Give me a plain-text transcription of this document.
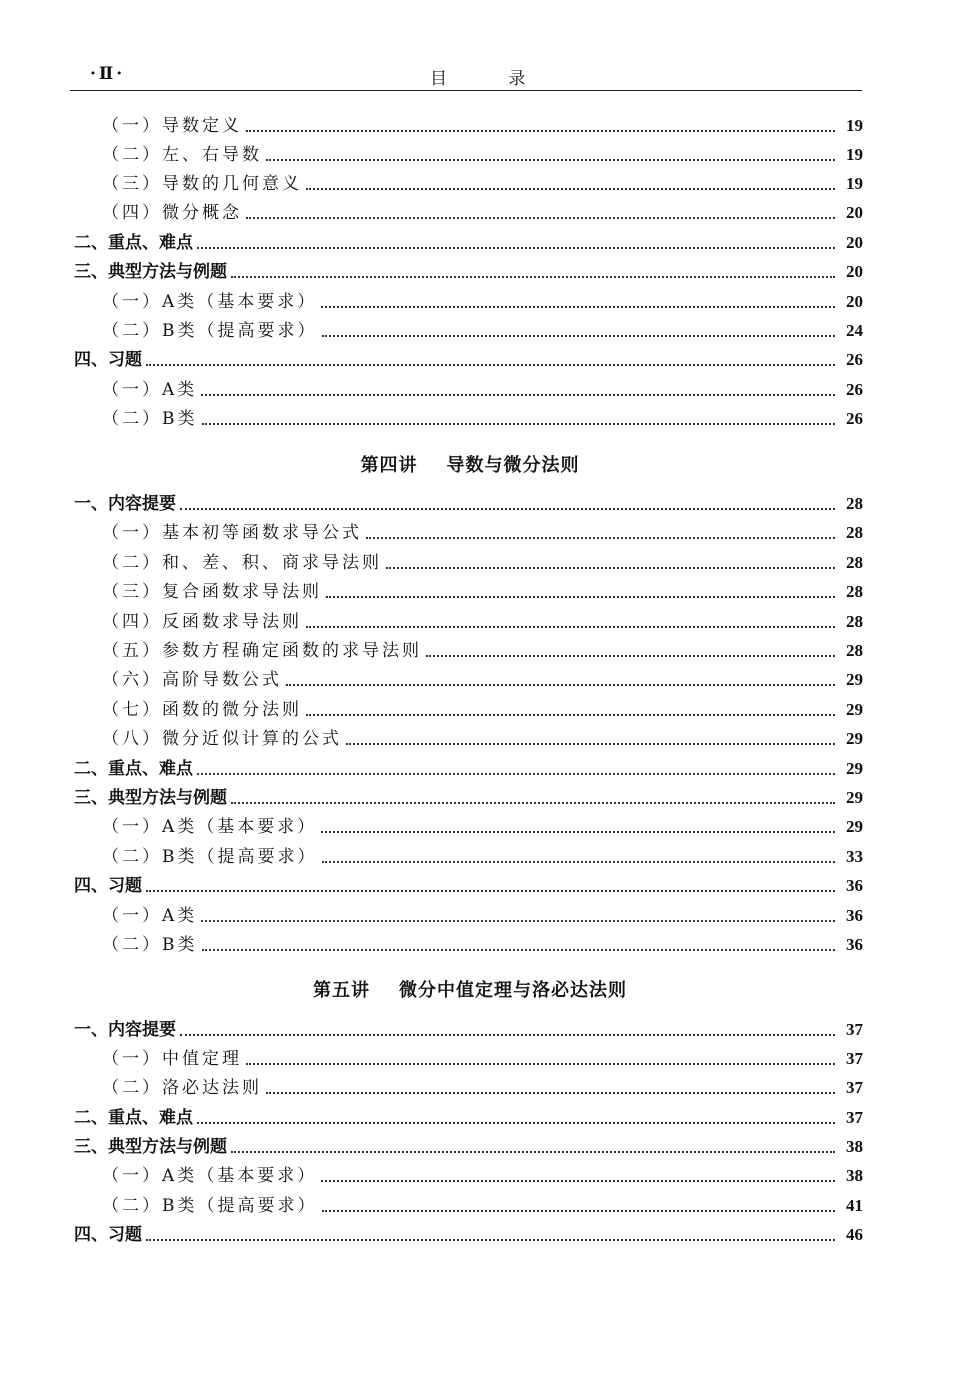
·Ⅱ·	目 录
（一）导数定义	19
（二）左、右导数	19
（三）导数的几何意义	19
（四）微分概念	20
二、重点、难点	20
三、典型方法与例题	20
（一）A类（基本要求）	20
（二）B类（提高要求）	24
四、习题	26
（一）A类	26
（二）B类	26
第四讲    导数与微分法则
一、内容提要	28
（一）基本初等函数求导公式	28
（二）和、差、积、商求导法则	28
（三）复合函数求导法则	28
（四）反函数求导法则	28
（五）参数方程确定函数的求导法则	28
（六）高阶导数公式	29
（七）函数的微分法则	29
（八）微分近似计算的公式	29
二、重点、难点	29
三、典型方法与例题	29
（一）A类（基本要求）	29
（二）B类（提高要求）	33
四、习题	36
（一）A类	36
（二）B类	36
第五讲    微分中值定理与洛必达法则
一、内容提要	37
（一）中值定理	37
（二）洛必达法则	37
二、重点、难点	37
三、典型方法与例题	38
（一）A类（基本要求）	38
（二）B类（提高要求）	41
四、习题	46
